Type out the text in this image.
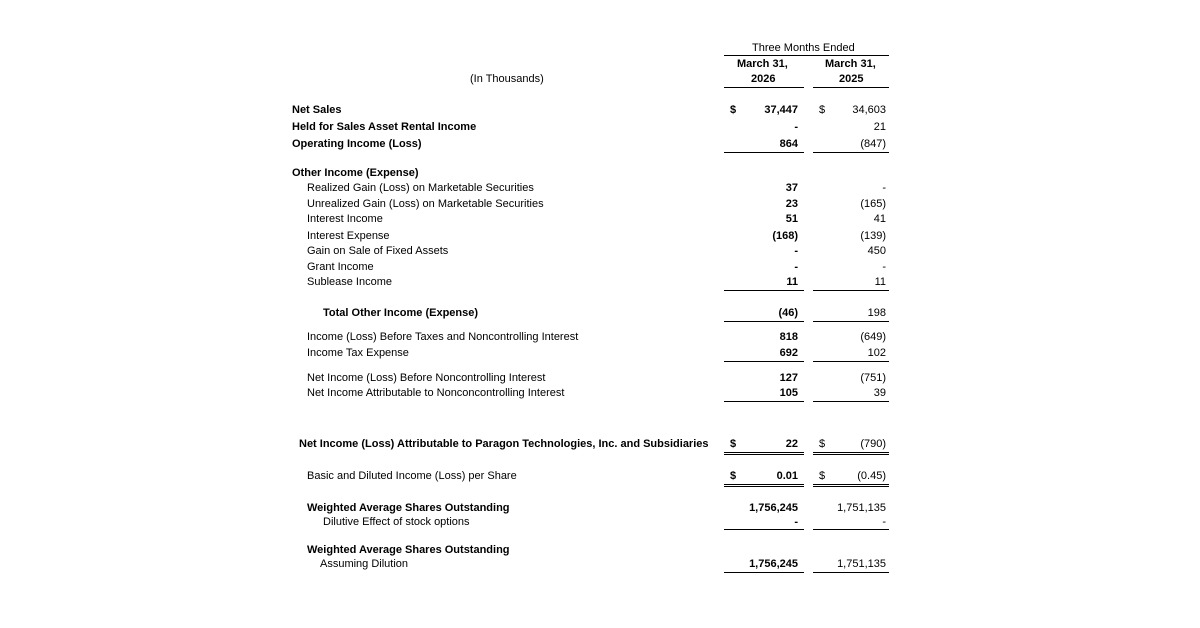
Three Months Ended
March 31,
2026
March 31,
2025
(In Thousands)
Net Sales	$	37,447 $ 34,603
Held for Sales Asset Rental Income	-	21
Operating Income (Loss)	864	(847)
Other Income (Expense)
Realized Gain (Loss) on Marketable Securities	37	-
Unrealized Gain (Loss) on Marketable Securities	23	(165)
Interest Income	51	41
Interest Expense	(168)	(139)
Gain on Sale of Fixed Assets	-	450
Grant Income	-	-
Sublease Income	11	11
Total Other Income (Expense)	(46)	198
Income (Loss) Before Taxes and Noncontrolling Interest	818	(649)
Income Tax Expense	692	102
Net Income (Loss) Before Noncontrolling Interest	127	(751)
Net Income Attributable to Nonconcontrolling Interest	105	39
Net Income (Loss) Attributable to Paragon Technologies, Inc. and Subsidiaries $	22 $	(790)
Basic and Diluted Income (Loss) per Share	$	0.01 $	(0.45)
Weighted Average Shares Outstanding	1,756,245	1,751,135
Dilutive Effect of stock options	-	-
Weighted Average Shares Outstanding
Assuming Dilution	1,756,245	1,751,135
